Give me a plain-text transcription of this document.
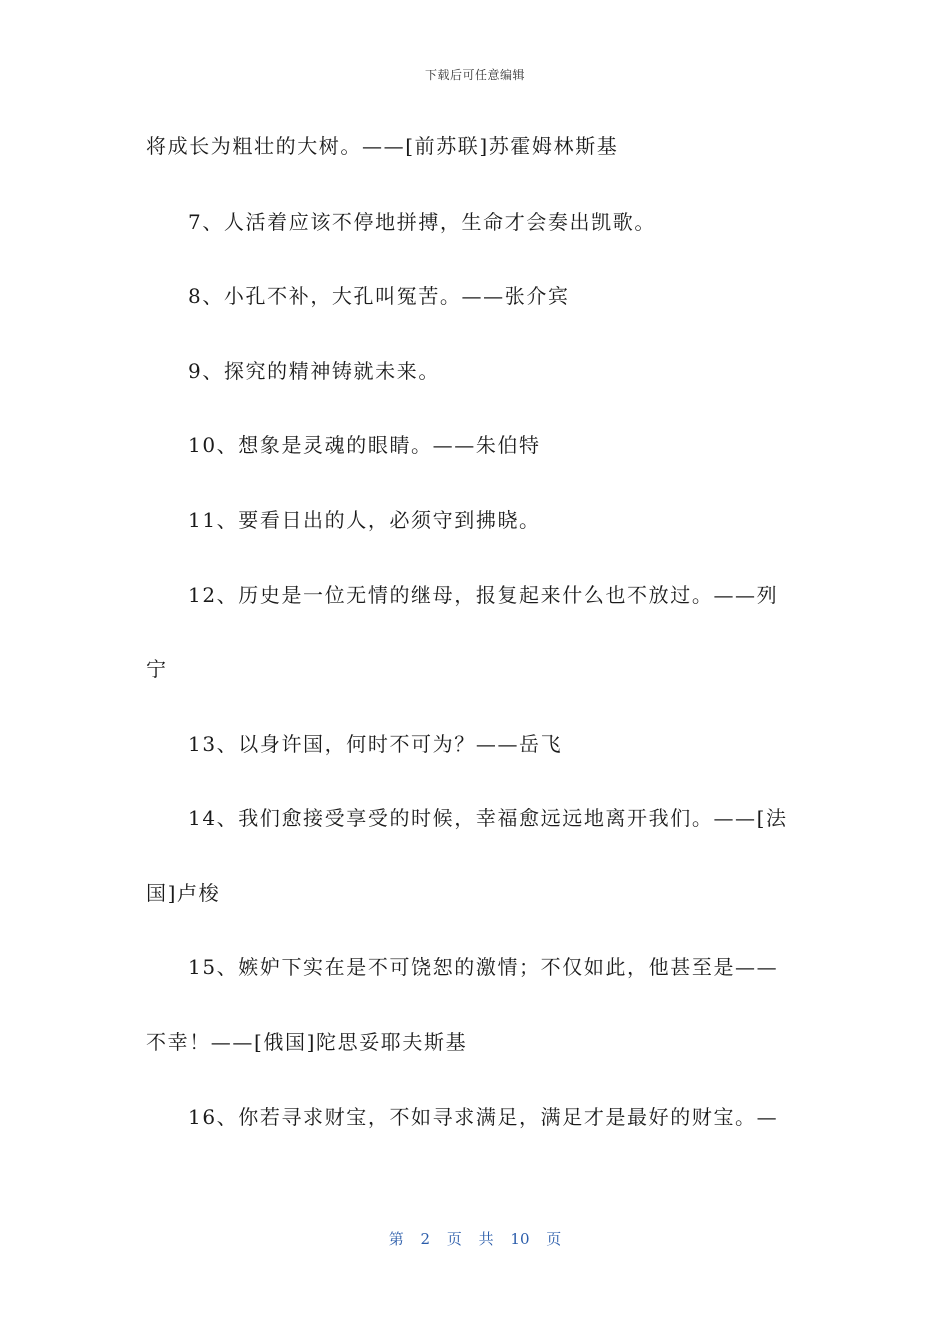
下载后可任意编辑
将成长为粗壮的大树。——[前苏联]苏霍姆林斯基
7、人活着应该不停地拼搏，生命才会奏出凯歌。
8、小孔不补，大孔叫冤苦。——张介宾
9、探究的精神铸就未来。
10、想象是灵魂的眼睛。——朱伯特
11、要看日出的人，必须守到拂晓。
12、历史是一位无情的继母，报复起来什么也不放过。——列
宁
13、以身许国，何时不可为？——岳飞
14、我们愈接受享受的时候，幸福愈远远地离开我们。——[法
国]卢梭
15、嫉妒下实在是不可饶恕的激情；不仅如此，他甚至是——
不幸！——[俄国]陀思妥耶夫斯基
16、你若寻求财宝，不如寻求满足，满足才是最好的财宝。—
第 2 页 共 10 页
